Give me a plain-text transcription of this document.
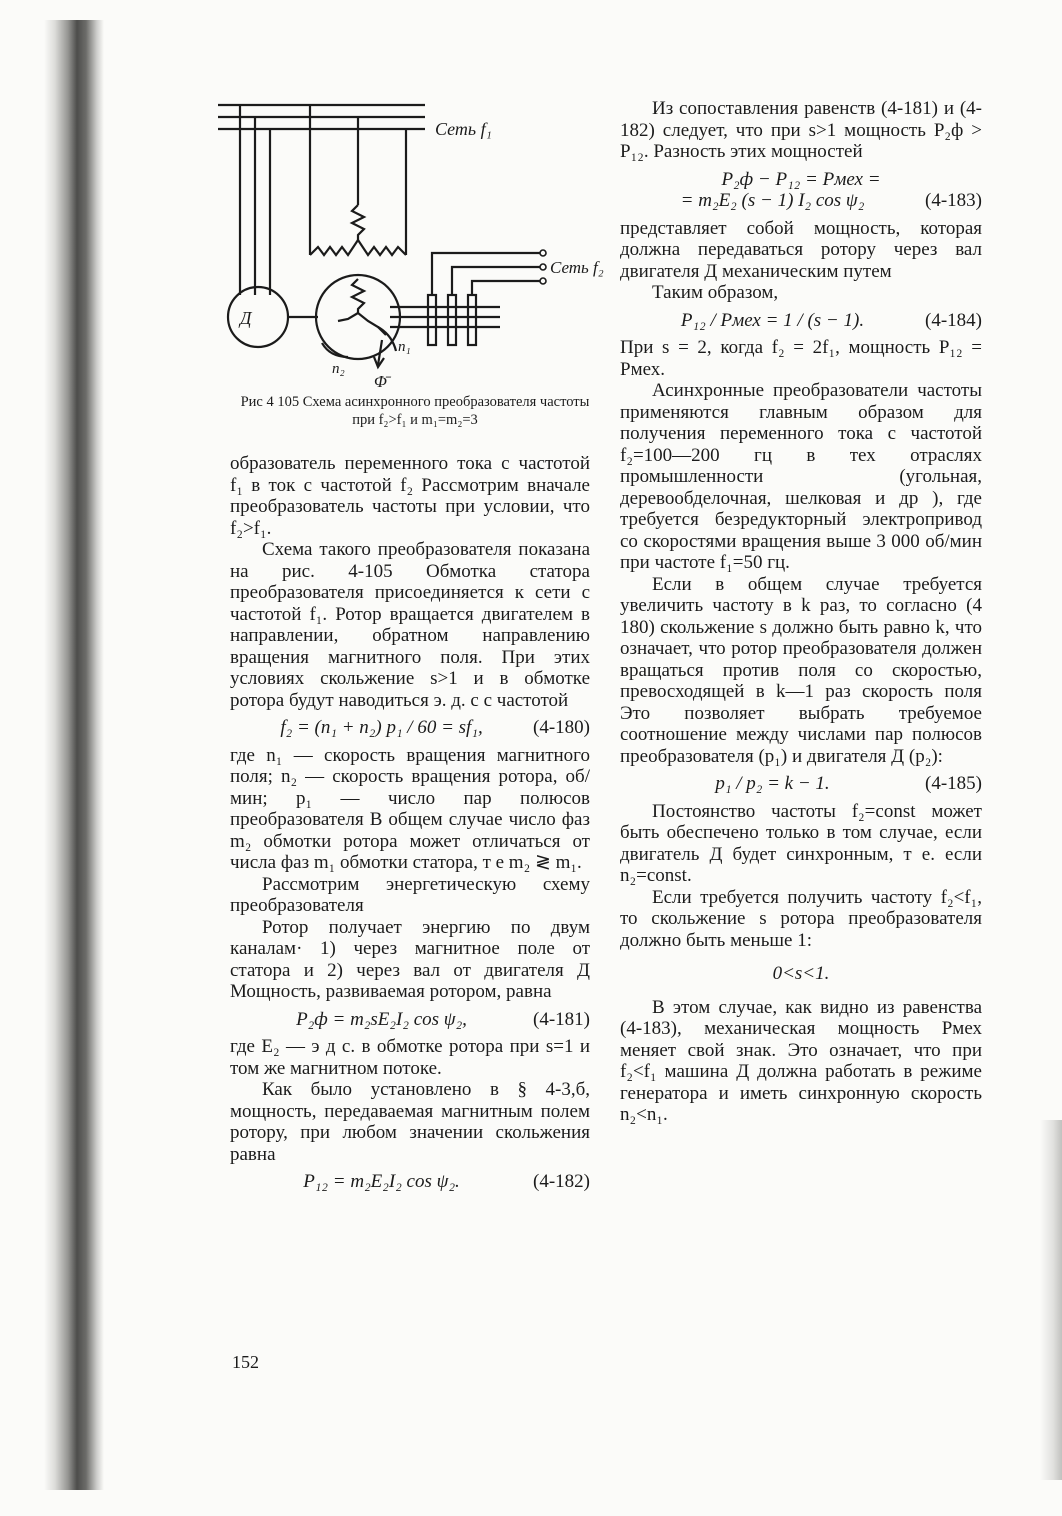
Сеть f₁
Сеть f₂
Д
n₁
n₂
Φ̄
Рис 4 105 Схема асинхронного преобразователя частоты при f₂>f₁ и m₁=m₂=3

образователь переменного тока с частотой f₁ в ток с частотой f₂ Рассмотрим вначале преобразователь частоты при условии, что f₂>f₁.

Схема такого преобразователя показана на рис. 4-105 Обмотка статора преобразователя присоединяется к сети с частотой f₁. Ротор вращается двигателем в направлении, обратном направлению вращения магнитного поля. При этих условиях скольжение s>1 и в обмотке ротора будут наводиться э. д. с с частотой

f₂ = (n₁ + n₂) p₁ / 60 = sf₁,	(4-180)

где n₁ — скорость вращения магнитного поля; n₂ — скорость вращения ротора, об/мин; p₁ — число пар полюсов преобразователя В общем случае число фаз m₂ обмотки ротора может отличаться от числа фаз m₁ обмотки статора, т е m₂ ≷ m₁.

Рассмотрим энергетическую схему преобразователя

Ротор получает энергию по двум каналам· 1) через магнитное поле от статора и 2) через вал от двигателя Д Мощность, развиваемая ротором, равна

P₂ф = m₂sE₂I₂ cos ψ₂,	(4-181)

где E₂ — э д с. в обмотке ротора при s=1 и том же магнитном потоке.

Как было установлено в § 4-3,б, мощность, передаваемая магнитным полем ротору, при любом значении скольжения равна

P₁₂ = m₂E₂I₂ cos ψ₂.	(4-182)

Из сопоставления равенств (4-181) и (4-182) следует, что при s>1 мощность P₂ф > P₁₂. Разность этих мощностей

P₂ф − P₁₂ = Pмех =
= m₂E₂ (s − 1) I₂ cos ψ₂	(4-183)

представляет собой мощность, которая должна передаваться ротору через вал двигателя Д механическим путем

Таким образом,

P₁₂ / Pмех = 1 / (s − 1).	(4-184)

При s = 2, когда f₂ = 2f₁, мощность P₁₂ = Pмех.

Асинхронные преобразователи частоты применяются главным образом для получения переменного тока с частотой f₂=100—200 гц в тех отраслях промышленности (угольная, деревообделочная, шелковая и др ), где требуется безредукторный электропривод со скоростями вращения выше 3 000 об/мин при частоте f₁=50 гц.

Если в общем случае требуется увеличить частоту в k раз, то согласно (4 180) скольжение s должно быть равно k, что означает, что ротор преобразователя должен вращаться против поля со скоростью, превосходящей в k—1 раз скорость поля Это позволяет выбрать требуемое соотношение между числами пар полюсов преобразователя (p₁) и двигателя Д (p₂):

p₁ / p₂ = k − 1.	(4-185)

Постоянство частоты f₂=const может быть обеспечено только в том случае, если двигатель Д будет синхронным, т е. если n₂=const.

Если требуется получить частоту f₂<f₁, то скольжение s ротора преобразователя должно быть меньше 1:

0<s<1.

В этом случае, как видно из равенства (4-183), механическая мощность Pмех меняет свой знак. Это означает, что при f₂<f₁ машина Д должна работать в режиме генератора и иметь синхронную скорость n₂<n₁.

152
